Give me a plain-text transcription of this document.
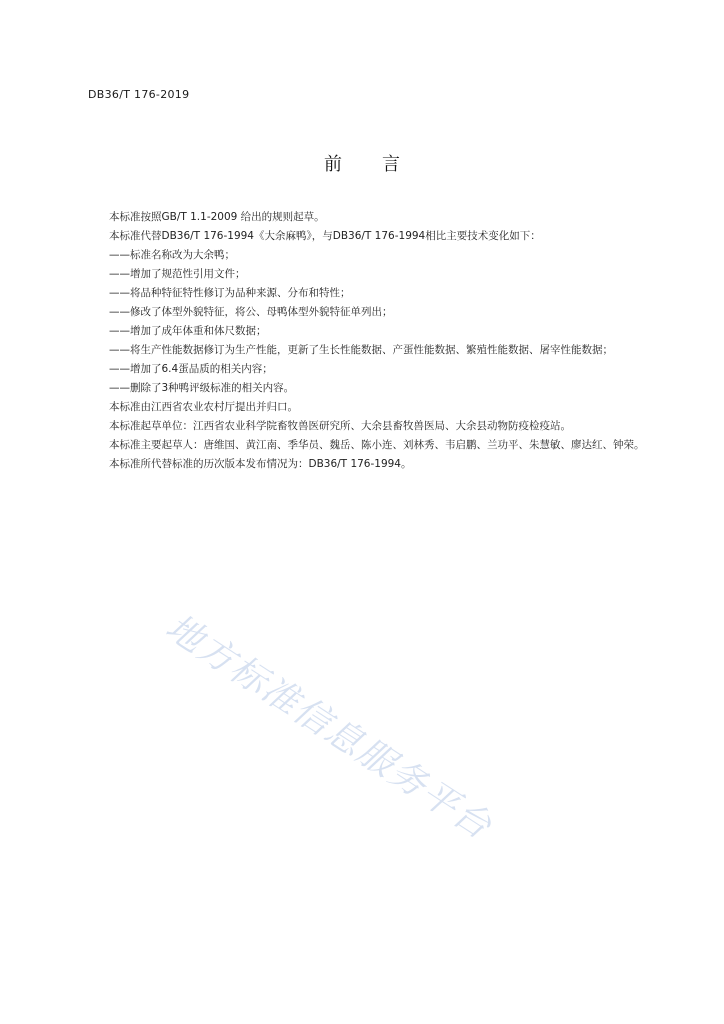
DB36/T 176-2019
前言

本标准按照GB/T 1.1-2009 给出的规则起草。

本标准代替DB36/T 176-1994《大余麻鸭》，与DB36/T 176-1994相比主要技术变化如下：

——标准名称改为大余鸭；

——增加了规范性引用文件；

——将品种特征特性修订为品种来源、分布和特性；

——修改了体型外貌特征，将公、母鸭体型外貌特征单列出；

——增加了成年体重和体尺数据；

——将生产性能数据修订为生产性能，更新了生长性能数据、产蛋性能数据、繁殖性能数据、屠宰性能数据；

——增加了6.4蛋品质的相关内容；

——删除了3种鸭评级标准的相关内容。

本标准由江西省农业农村厅提出并归口。

本标准起草单位：江西省农业科学院畜牧兽医研究所、大余县畜牧兽医局、大余县动物防疫检疫站。

本标准主要起草人：唐维国、黄江南、季华员、魏岳、陈小连、刘林秀、韦启鹏、兰功平、朱慧敏、廖达红、钟荣。

本标准所代替标准的历次版本发布情况为：DB36/T 176-1994。

地方标准信息服务平台
